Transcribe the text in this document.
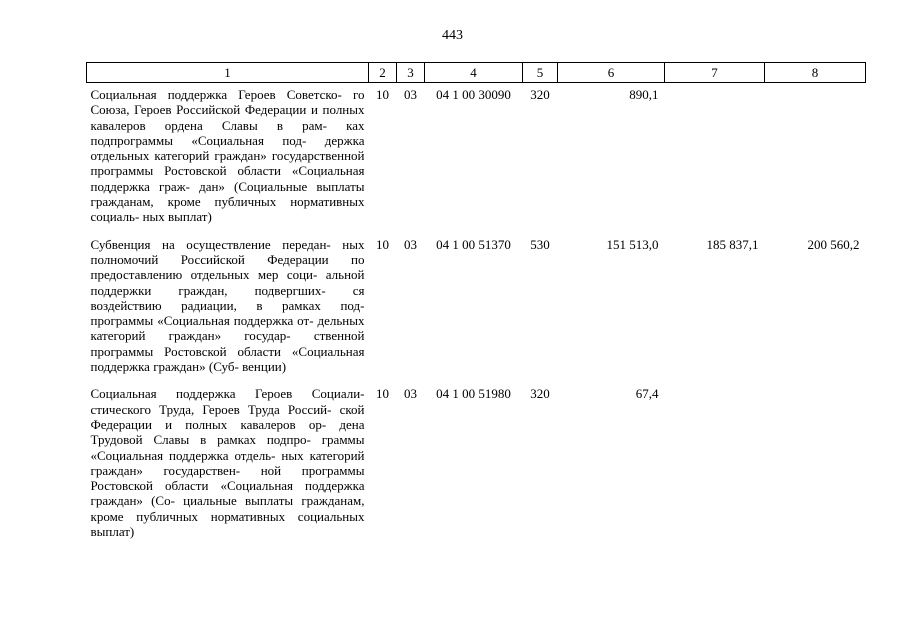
443
1	2	3	4	5	6	7	8
Социальная поддержка Героев Советско- го Союза, Героев Российской Федерации и полных кавалеров ордена Славы в рам- ках подпрограммы «Социальная под- держка отдельных категорий граждан» государственной программы Ростовской области «Социальная поддержка граж- дан» (Социальные выплаты гражданам, кроме публичных нормативных социаль- ных выплат)	10	03	04 1 00 30090	320	890,1		
Субвенция на осуществление передан- ных полномочий Российской Федерации по предоставлению отдельных мер соци- альной поддержки граждан, подвергших- ся воздействию радиации, в рамках под- программы «Социальная поддержка от- дельных категорий граждан» государ- ственной программы Ростовской области «Социальная поддержка граждан» (Суб- венции)	10	03	04 1 00 51370	530	151 513,0	185 837,1	200 560,2
Социальная поддержка Героев Социали- стического Труда, Героев Труда Россий- ской Федерации и полных кавалеров ор- дена Трудовой Славы в рамках подпро- граммы «Социальная поддержка отдель- ных категорий граждан» государствен- ной программы Ростовской области «Социальная поддержка граждан» (Со- циальные выплаты гражданам, кроме публичных нормативных социальных выплат)	10	03	04 1 00 51980	320	67,4		
